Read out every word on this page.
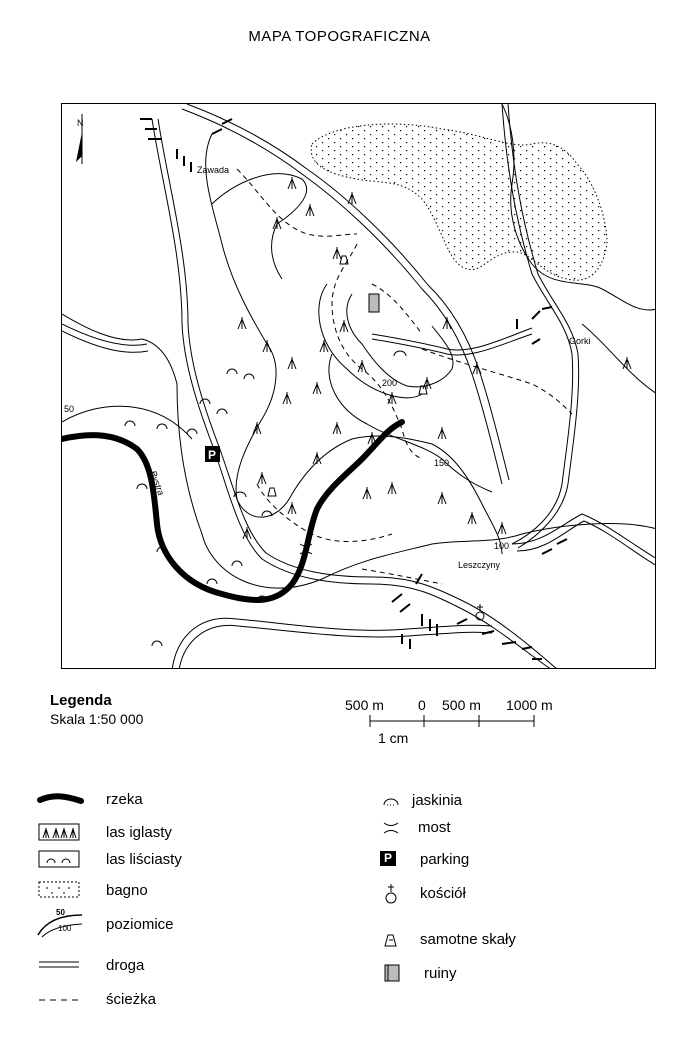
MAPA TOPOGRAFICZNA
Bystra
50
100
150
200
Zawada
Gorki
Leszczyny
N
P
Legenda
Skala 1:50 000
500 m 0 500 m 1000 m
1 cm
rzeka
las iglasty
las liściasty
bagno
50
100 poziomice
droga
ścieżka
jaskinia
most
P	parking
kościół
samotne skały
ruiny
